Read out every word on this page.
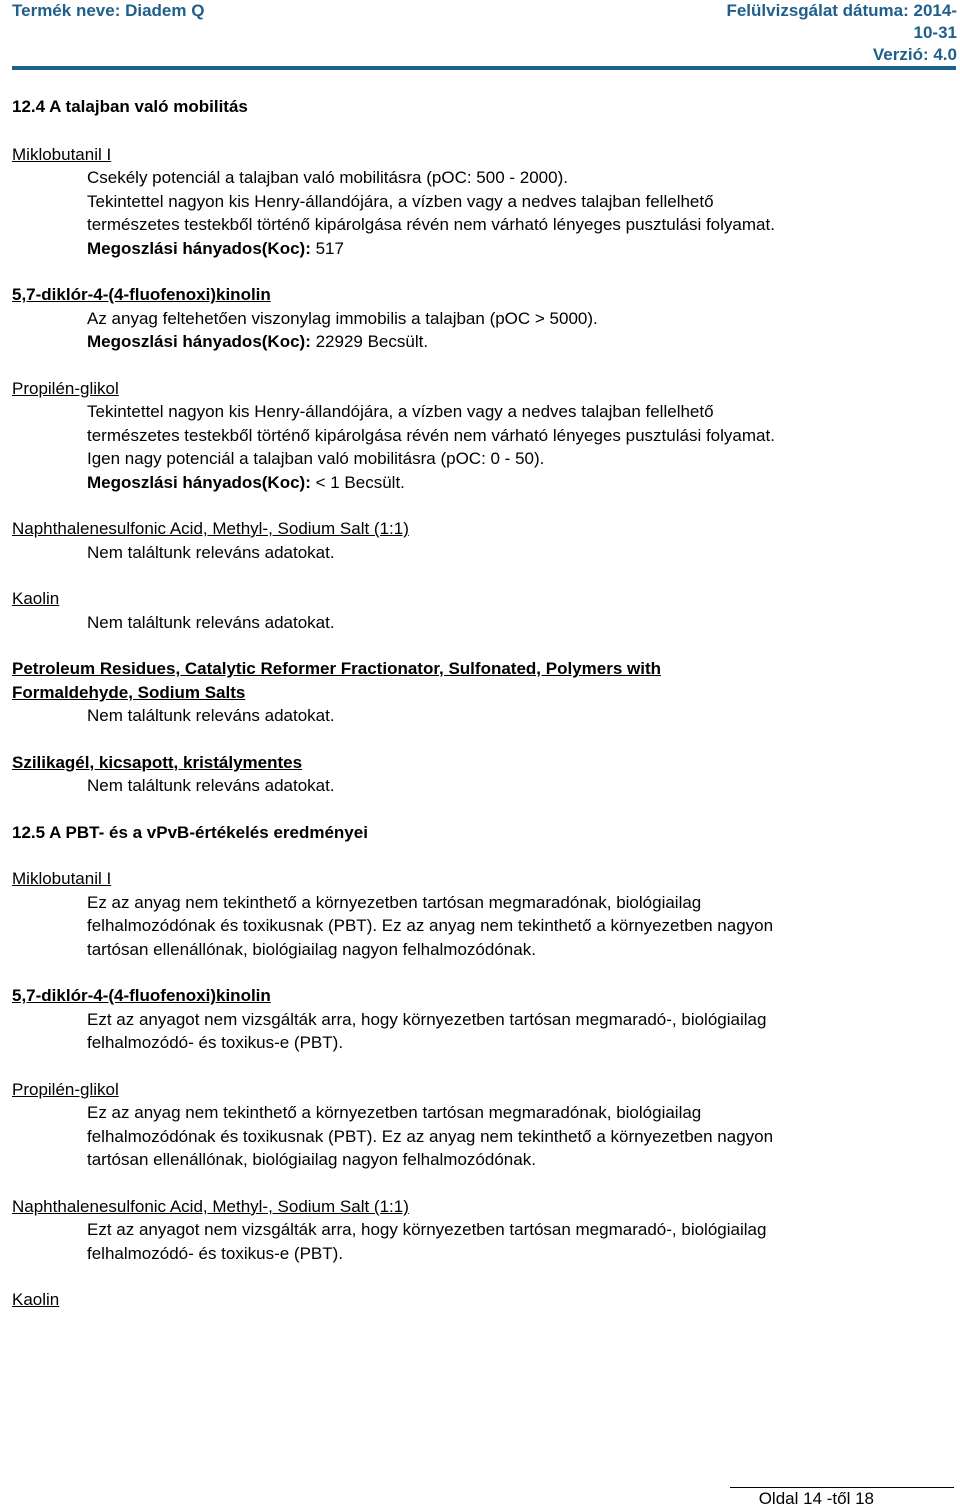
Termék neve: Diadem Q	Felülvizsgálat dátuma: 2014-
10-31
Verzió: 4.0
12.4 A talajban való mobilitás
Miklobutanil I
Csekély potenciál a talajban való mobilitásra (pOC: 500 - 2000).
Tekintettel nagyon kis Henry-állandójára, a vízben vagy a nedves talajban fellelhető
természetes testekből történő kipárolgása révén nem várható lényeges pusztulási folyamat.
Megoszlási hányados(Koc): 517
5,7-diklór-4-(4-fluofenoxi)kinolin
Az anyag feltehetően viszonylag immobilis a talajban (pOC > 5000).
Megoszlási hányados(Koc): 22929 Becsült.
Propilén-glikol
Tekintettel nagyon kis Henry-állandójára, a vízben vagy a nedves talajban fellelhető
természetes testekből történő kipárolgása révén nem várható lényeges pusztulási folyamat.
Igen nagy potenciál a talajban való mobilitásra (pOC: 0 - 50).
Megoszlási hányados(Koc): < 1 Becsült.
Naphthalenesulfonic Acid, Methyl-, Sodium Salt (1:1)
Nem találtunk releváns adatokat.
Kaolin
Nem találtunk releváns adatokat.
Petroleum Residues, Catalytic Reformer Fractionator, Sulfonated, Polymers with
Formaldehyde, Sodium Salts
Nem találtunk releváns adatokat.
Szilikagél, kicsapott, kristálymentes
Nem találtunk releváns adatokat.
12.5 A PBT- és a vPvB-értékelés eredményei
Miklobutanil I
Ez az anyag nem tekinthető a környezetben tartósan megmaradónak, biológiailag
felhalmozódónak és toxikusnak (PBT). Ez az anyag nem tekinthető a környezetben nagyon
tartósan ellenállónak, biológiailag nagyon felhalmozódónak.
5,7-diklór-4-(4-fluofenoxi)kinolin
Ezt az anyagot nem vizsgálták arra, hogy környezetben tartósan megmaradó-, biológiailag
felhalmozódó- és toxikus-e (PBT).
Propilén-glikol
Ez az anyag nem tekinthető a környezetben tartósan megmaradónak, biológiailag
felhalmozódónak és toxikusnak (PBT). Ez az anyag nem tekinthető a környezetben nagyon
tartósan ellenállónak, biológiailag nagyon felhalmozódónak.
Naphthalenesulfonic Acid, Methyl-, Sodium Salt (1:1)
Ezt az anyagot nem vizsgálták arra, hogy környezetben tartósan megmaradó-, biológiailag
felhalmozódó- és toxikus-e (PBT).
Kaolin
Oldal 14 -től 18
